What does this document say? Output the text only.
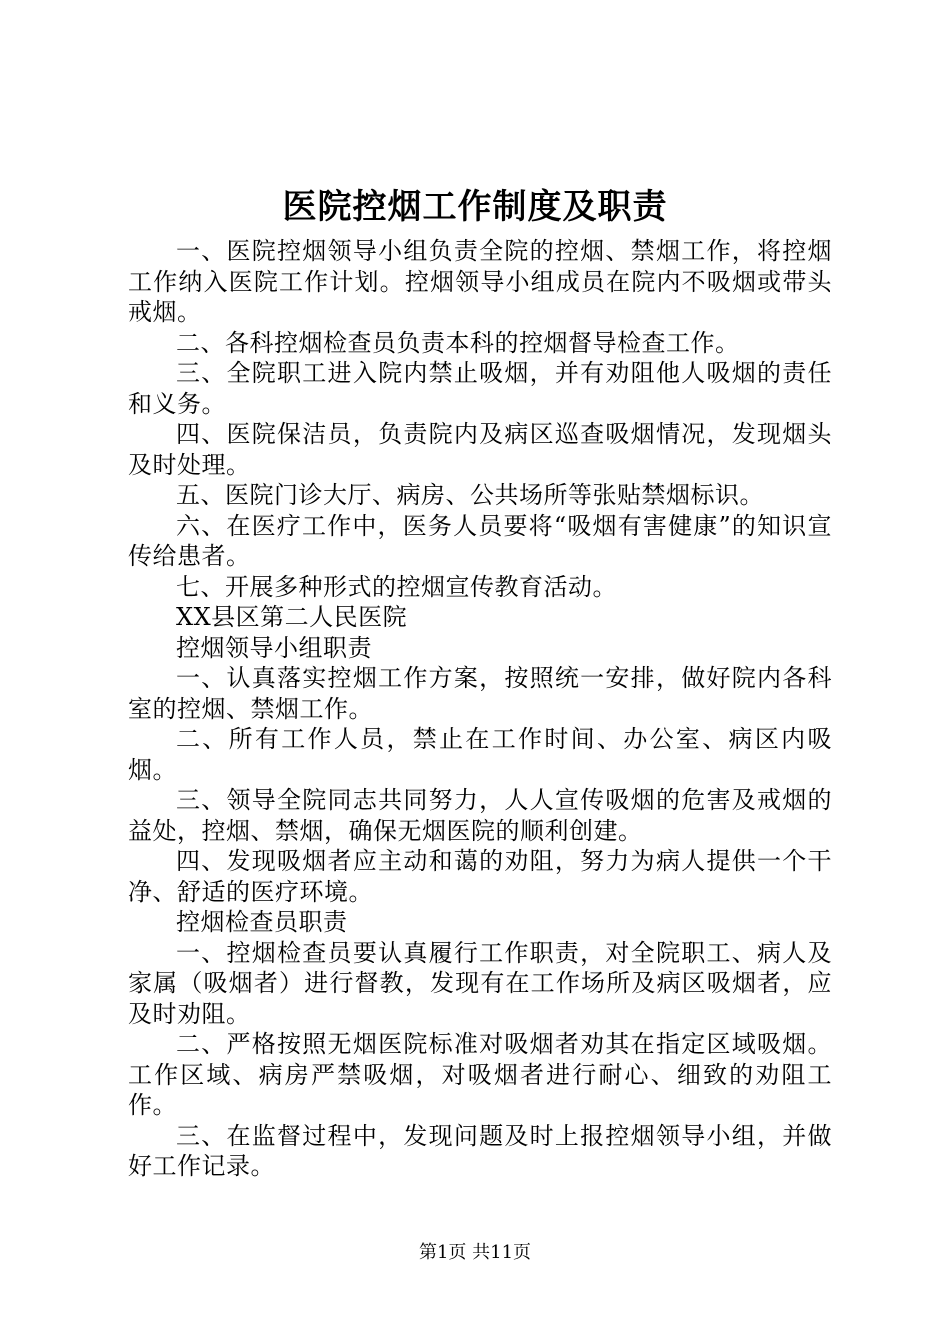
医院控烟工作制度及职责

一、医院控烟领导小组负责全院的控烟、禁烟工作，将控烟工作纳入医院工作计划。控烟领导小组成员在院内不吸烟或带头戒烟。

二、各科控烟检查员负责本科的控烟督导检查工作。

三、全院职工进入院内禁止吸烟，并有劝阻他人吸烟的责任和义务。

四、医院保洁员，负责院内及病区巡查吸烟情况，发现烟头及时处理。

五、医院门诊大厅、病房、公共场所等张贴禁烟标识。

六、在医疗工作中，医务人员要将“吸烟有害健康”的知识宣传给患者。

七、开展多种形式的控烟宣传教育活动。

XX县区第二人民医院

控烟领导小组职责

一、认真落实控烟工作方案，按照统一安排，做好院内各科室的控烟、禁烟工作。

二、所有工作人员，禁止在工作时间、办公室、病区内吸烟。

三、领导全院同志共同努力，人人宣传吸烟的危害及戒烟的益处，控烟、禁烟，确保无烟医院的顺利创建。

四、发现吸烟者应主动和蔼的劝阻，努力为病人提供一个干净、舒适的医疗环境。

控烟检查员职责

一、控烟检查员要认真履行工作职责，对全院职工、病人及家属（吸烟者）进行督教，发现有在工作场所及病区吸烟者，应及时劝阻。

二、严格按照无烟医院标准对吸烟者劝其在指定区域吸烟。工作区域、病房严禁吸烟，对吸烟者进行耐心、细致的劝阻工作。

三、在监督过程中，发现问题及时上报控烟领导小组，并做好工作记录。

第1页 共11页
